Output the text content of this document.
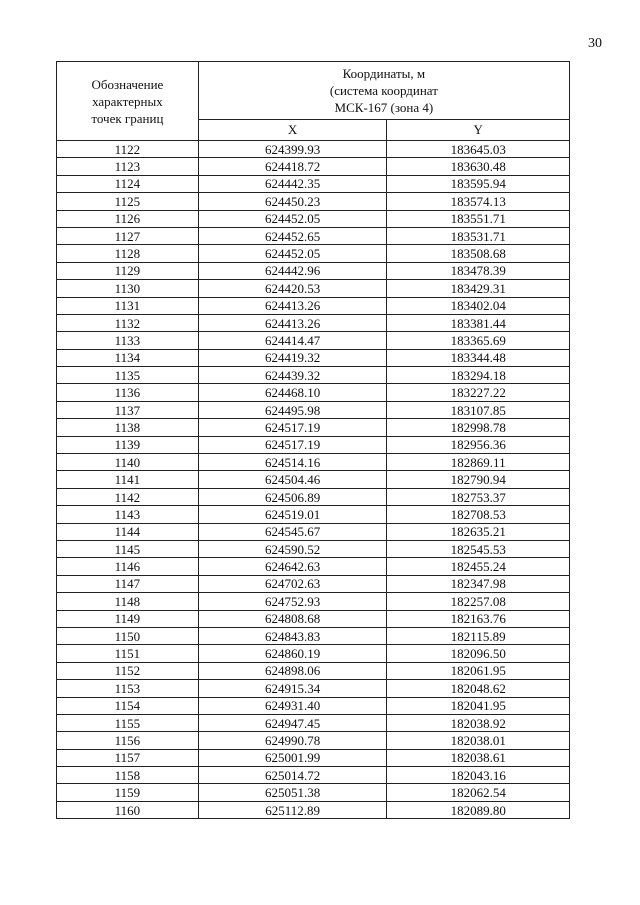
30
Обозначение
характерных
точек границ	Координаты, м
(система координат
МСК-167 (зона 4)	
	X	Y
1122	624399.93	183645.03
1123	624418.72	183630.48
1124	624442.35	183595.94
1125	624450.23	183574.13
1126	624452.05	183551.71
1127	624452.65	183531.71
1128	624452.05	183508.68
1129	624442.96	183478.39
1130	624420.53	183429.31
1131	624413.26	183402.04
1132	624413.26	183381.44
1133	624414.47	183365.69
1134	624419.32	183344.48
1135	624439.32	183294.18
1136	624468.10	183227.22
1137	624495.98	183107.85
1138	624517.19	182998.78
1139	624517.19	182956.36
1140	624514.16	182869.11
1141	624504.46	182790.94
1142	624506.89	182753.37
1143	624519.01	182708.53
1144	624545.67	182635.21
1145	624590.52	182545.53
1146	624642.63	182455.24
1147	624702.63	182347.98
1148	624752.93	182257.08
1149	624808.68	182163.76
1150	624843.83	182115.89
1151	624860.19	182096.50
1152	624898.06	182061.95
1153	624915.34	182048.62
1154	624931.40	182041.95
1155	624947.45	182038.92
1156	624990.78	182038.01
1157	625001.99	182038.61
1158	625014.72	182043.16
1159	625051.38	182062.54
1160	625112.89	182089.80
